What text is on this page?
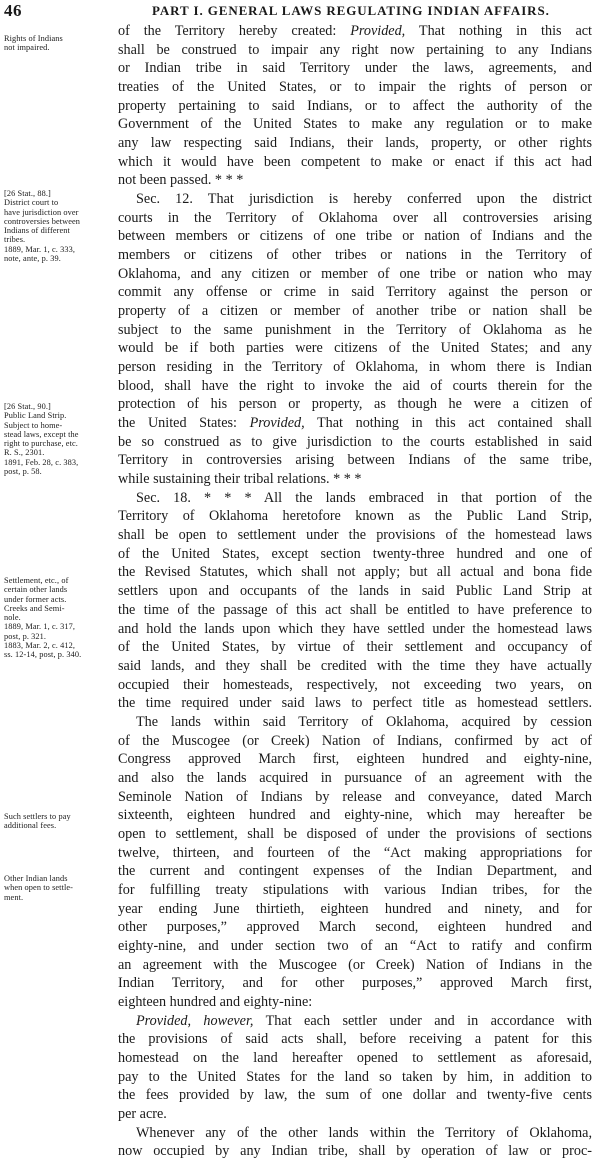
46	PART I. GENERAL LAWS REGULATING INDIAN AFFAIRS.
Rights of Indians
not impaired.
[26 Stat., 88.]
District court to
have jurisdiction over
controversies between
Indians of different
tribes.
1889, Mar. 1, c. 333,
note, ante, p. 39.
[26 Stat., 90.]
Public Land Strip.
Subject to home-
stead laws, except the
right to purchase, etc.
R. S., 2301.
1891, Feb. 28, c. 383,
post, p. 58.
Settlement, etc., of
certain other lands
under former acts.
Creeks and Semi-
nole.
1889, Mar. 1, c. 317,
post, p. 321.
1883, Mar. 2, c. 412,
ss. 12-14, post, p. 340.
Such settlers to pay
additional fees.
Other Indian lands
when open to settle-
ment.
of the Territory hereby created: Provided, That nothing in this act
shall be construed to impair any right now pertaining to any Indians
or Indian tribe in said Territory under the laws, agreements, and
treaties of the United States, or to impair the rights of person or
property pertaining to said Indians, or to affect the authority of the
Government of the United States to make any regulation or to make
any law respecting said Indians, their lands, property, or other rights
which it would have been competent to make or enact if this act had
not been passed. * * *
Sec. 12. That jurisdiction is hereby conferred upon the district
courts in the Territory of Oklahoma over all controversies arising
between members or citizens of one tribe or nation of Indians and the
members or citizens of other tribes or nations in the Territory of
Oklahoma, and any citizen or member of one tribe or nation who may
commit any offense or crime in said Territory against the person or
property of a citizen or member of another tribe or nation shall be
subject to the same punishment in the Territory of Oklahoma as he
would be if both parties were citizens of the United States; and any
person residing in the Territory of Oklahoma, in whom there is Indian
blood, shall have the right to invoke the aid of courts therein for the
protection of his person or property, as though he were a citizen of
the United States: Provided, That nothing in this act contained shall
be so construed as to give jurisdiction to the courts established in said
Territory in controversies arising between Indians of the same tribe,
while sustaining their tribal relations. * * *
Sec. 18. * * * All the lands embraced in that portion of the
Territory of Oklahoma heretofore known as the Public Land Strip,
shall be open to settlement under the provisions of the homestead laws
of the United States, except section twenty-three hundred and one of
the Revised Statutes, which shall not apply; but all actual and bona fide
settlers upon and occupants of the lands in said Public Land Strip at
the time of the passage of this act shall be entitled to have preference to
and hold the lands upon which they have settled under the homestead laws
of the United States, by virtue of their settlement and occupancy of
said lands, and they shall be credited with the time they have actually
occupied their homesteads, respectively, not exceeding two years, on
the time required under said laws to perfect title as homestead settlers.
The lands within said Territory of Oklahoma, acquired by cession
of the Muscogee (or Creek) Nation of Indians, confirmed by act of
Congress approved March first, eighteen hundred and eighty-nine,
and also the lands acquired in pursuance of an agreement with the
Seminole Nation of Indians by release and conveyance, dated March
sixteenth, eighteen hundred and eighty-nine, which may hereafter be
open to settlement, shall be disposed of under the provisions of sections
twelve, thirteen, and fourteen of the “Act making appropriations for
the current and contingent expenses of the Indian Department, and
for fulfilling treaty stipulations with various Indian tribes, for the
year ending June thirtieth, eighteen hundred and ninety, and for
other purposes,” approved March second, eighteen hundred and
eighty-nine, and under section two of an “Act to ratify and confirm
an agreement with the Muscogee (or Creek) Nation of Indians in the
Indian Territory, and for other purposes,” approved March first,
eighteen hundred and eighty-nine:
Provided, however, That each settler under and in accordance with
the provisions of said acts shall, before receiving a patent for this
homestead on the land hereafter opened to settlement as aforesaid,
pay to the United States for the land so taken by him, in addition to
the fees provided by law, the sum of one dollar and twenty-five cents
per acre.
Whenever any of the other lands within the Territory of Oklahoma,
now occupied by any Indian tribe, shall by operation of law or proc-
